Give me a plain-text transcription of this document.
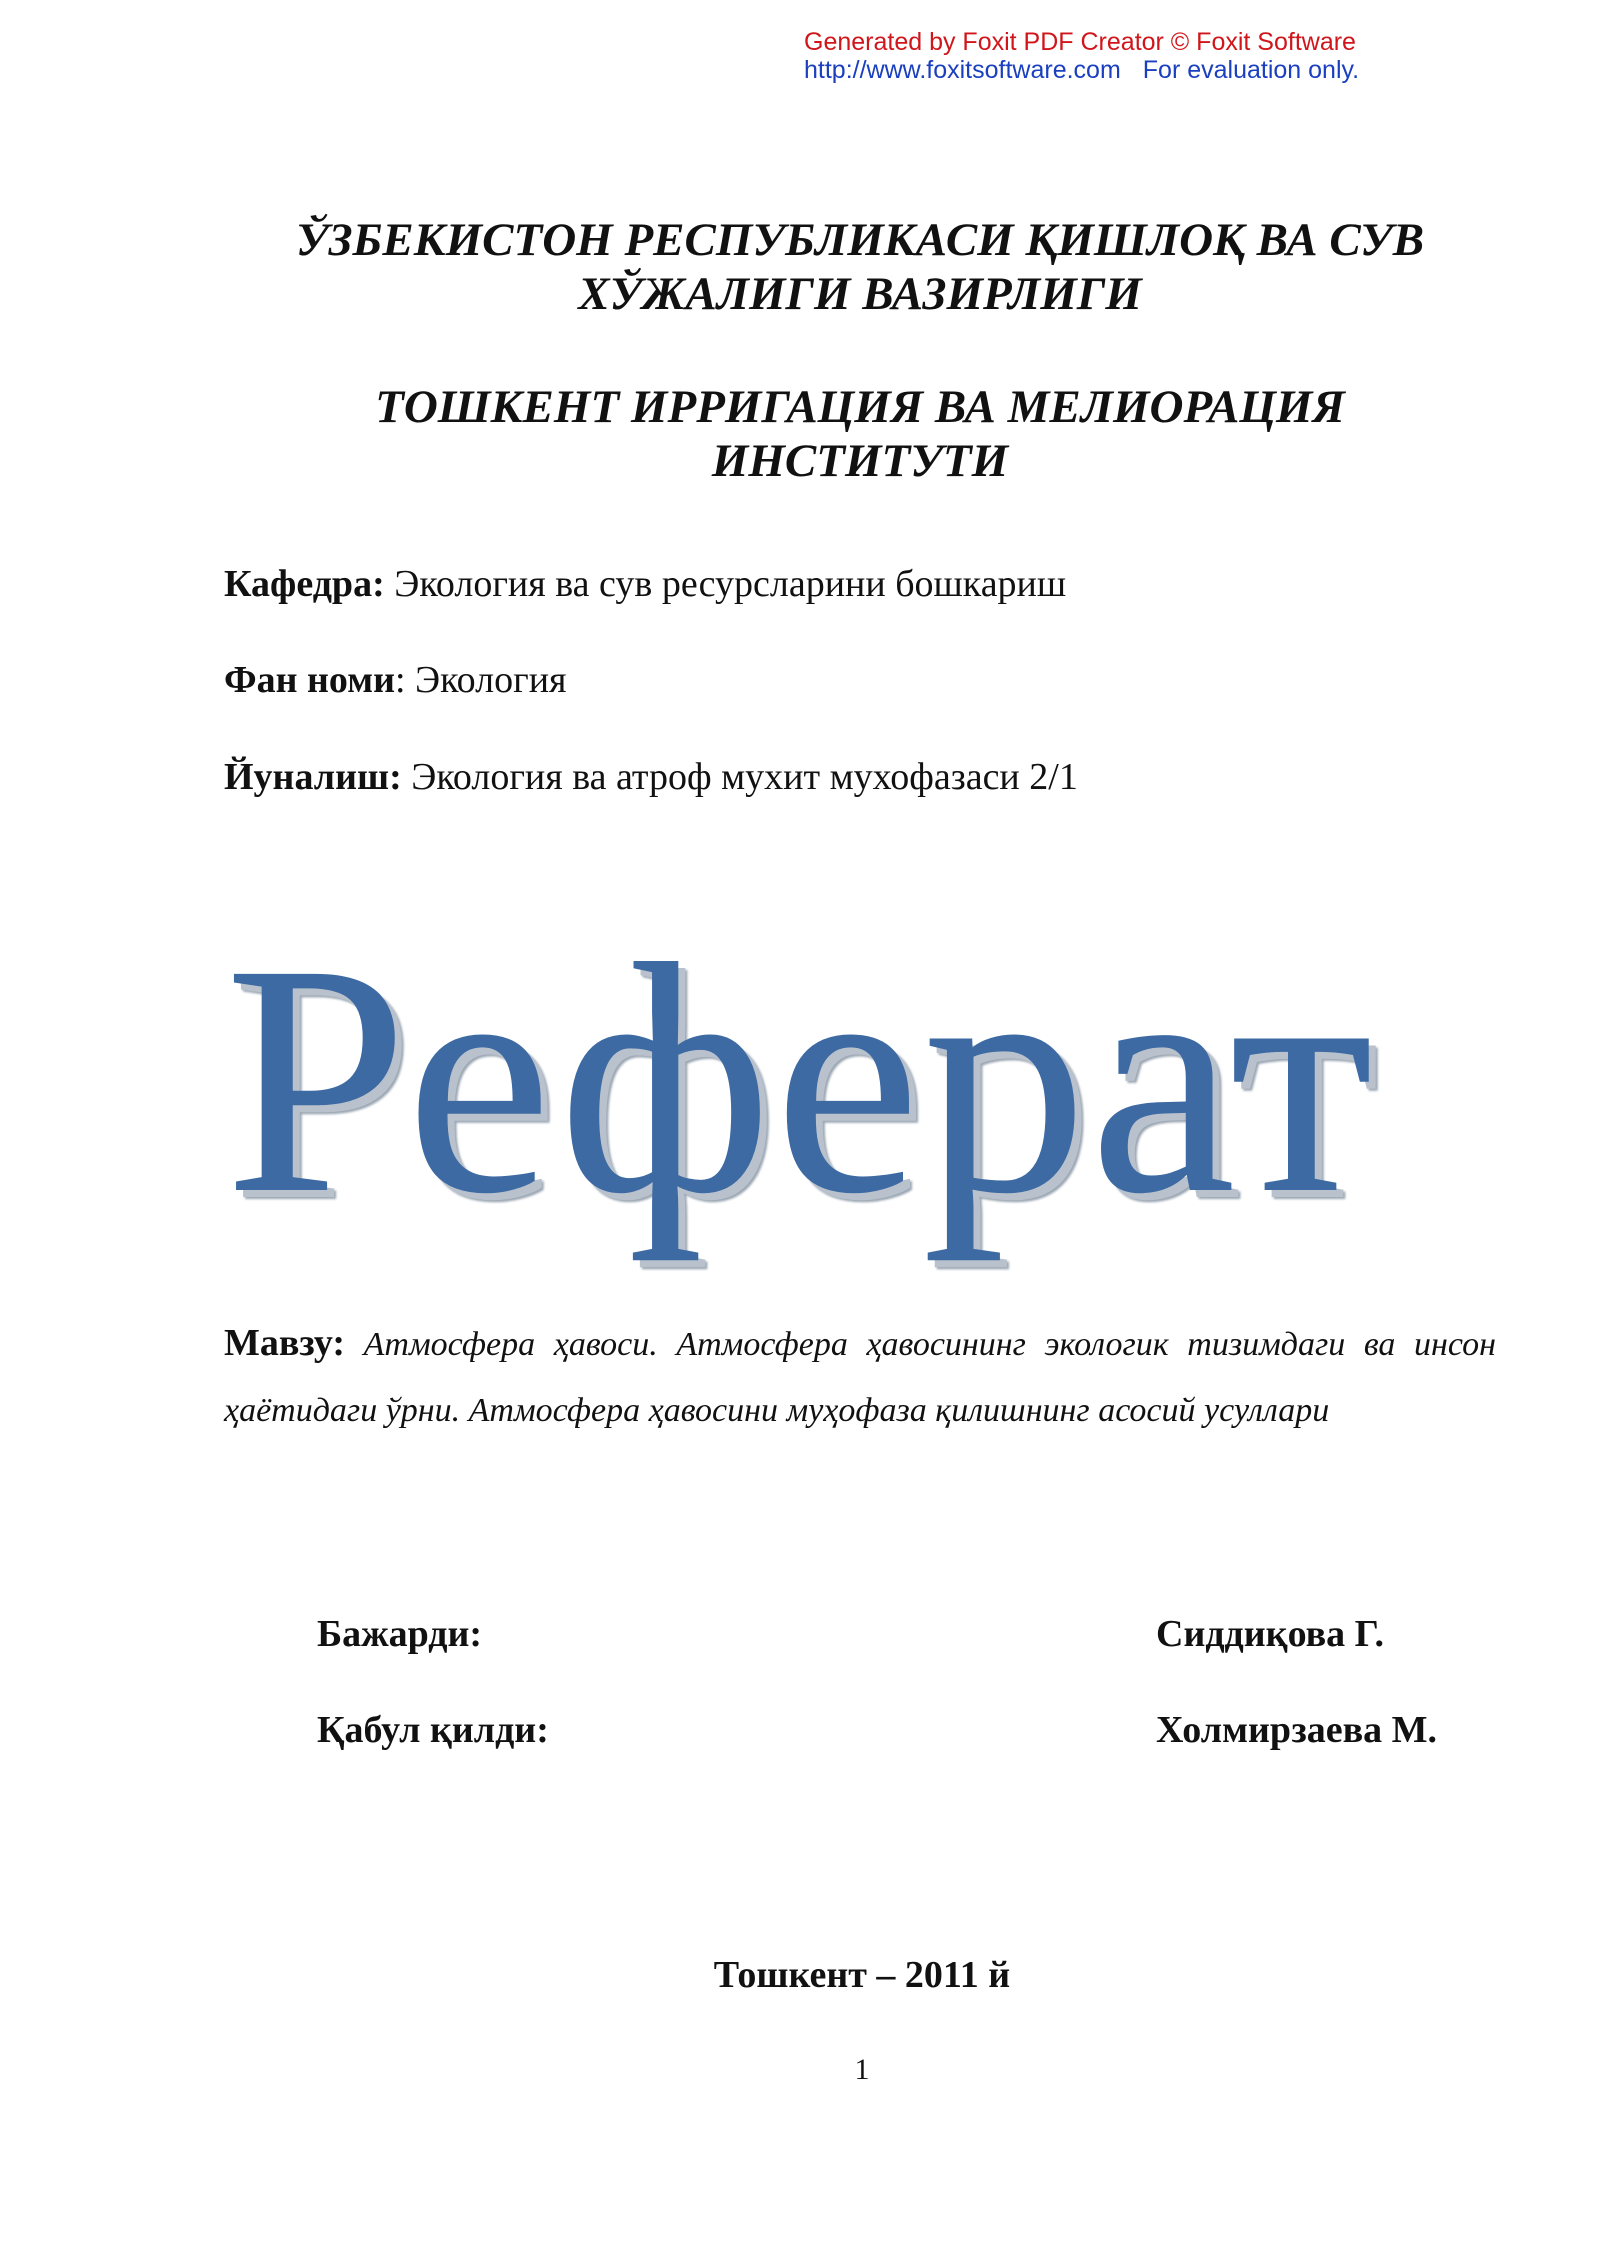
Generated by Foxit PDF Creator © Foxit Software
http://www.foxitsoftware.com For evaluation only.
ЎЗБЕКИСТОН РЕСПУБЛИКАСИ ҚИШЛОҚ ВА СУВ
ХЎЖАЛИГИ ВАЗИРЛИГИ
ТОШКЕНТ ИРРИГАЦИЯ ВА МЕЛИОРАЦИЯ
ИНСТИТУТИ
Кафедра: Экология ва сув ресурсларини бошкариш
Фан номи: Экология
Йуналиш: Экология ва атроф мухит мухофазаси 2/1
Реферат
Мавзу: Атмосфера ҳавоси. Атмосфера ҳавосининг экологик тизимдаги ва инсон ҳаётидаги ўрни. Атмосфера ҳавосини муҳофаза қилишнинг асосий усуллари
Бажарди:	Сиддиқова Г.
Қабул қилди:	Холмирзаева М.
Тошкент – 2011 й
1
